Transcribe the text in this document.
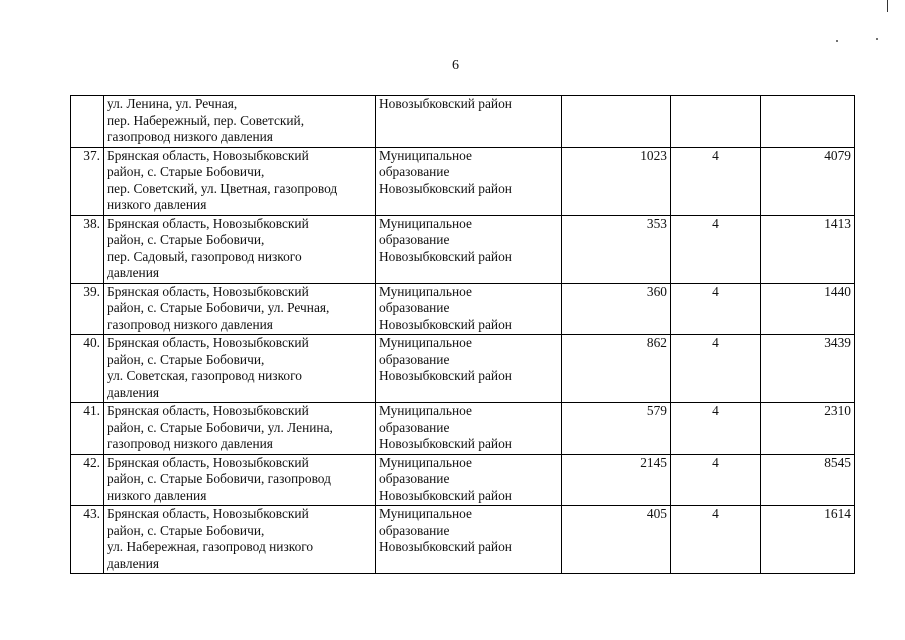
6
	ул. Ленина, ул. Речная,
пер. Набережный, пер. Советский,
газопровод низкого давления	Новозыбковский район			
37.	Брянская область, Новозыбковский
район, с. Старые Бобовичи,
пер. Советский, ул. Цветная, газопровод
низкого давления	Муниципальное
образование
Новозыбковский район	1023	4	4079
38.	Брянская область, Новозыбковский
район, с. Старые Бобовичи,
пер. Садовый, газопровод низкого
давления	Муниципальное
образование
Новозыбковский район	353	4	1413
39.	Брянская область, Новозыбковский
район, с. Старые Бобовичи, ул. Речная,
газопровод низкого давления	Муниципальное
образование
Новозыбковский район	360	4	1440
40.	Брянская область, Новозыбковский
район, с. Старые Бобовичи,
ул. Советская, газопровод низкого
давления	Муниципальное
образование
Новозыбковский район	862	4	3439
41.	Брянская область, Новозыбковский
район, с. Старые Бобовичи, ул. Ленина,
газопровод низкого давления	Муниципальное
образование
Новозыбковский район	579	4	2310
42.	Брянская область, Новозыбковский
район, с. Старые Бобовичи, газопровод
низкого давления	Муниципальное
образование
Новозыбковский район	2145	4	8545
43.	Брянская область, Новозыбковский
район, с. Старые Бобовичи,
ул. Набережная, газопровод низкого
давления	Муниципальное
образование
Новозыбковский район	405	4	1614
